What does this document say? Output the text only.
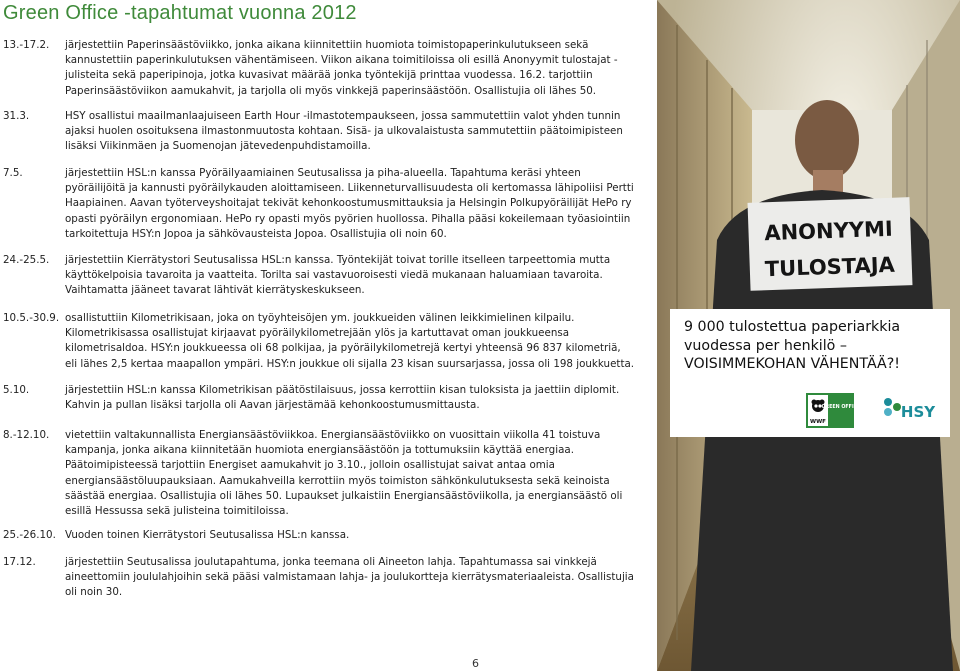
Green Office -tapahtumat vuonna 2012
13.-17.2.	järjestettiin Paperinsäästöviikko, jonka aikana kiinnitettiin huomiota toimistopaperinkulutukseen sekä kannustettiin paperinkulutuksen vähentämiseen. Viikon aikana toimitiloissa oli esillä Anonyymit tulostajat -julisteita sekä paperipinoja, jotka kuvasivat määrää jonka työntekijä printtaa vuodessa. 16.2. tarjottiin Paperinsäästöviikon aamukahvit, ja tarjolla oli myös vinkkejä paperinsäästöön. Osallistujia oli lähes 50.
31.3.	HSY osallistui maailmanlaajuiseen Earth Hour -ilmastotempaukseen, jossa sammutettiin valot yhden tunnin ajaksi huolen osoituksena ilmastonmuutosta kohtaan. Sisä- ja ulkovalaistusta sammutettiin päätoimipisteen lisäksi Viikinmäen ja Suomenojan jätevedenpuhdistamoilla.
7.5.	järjestettiin HSL:n kanssa Pyöräilyaamiainen Seutusalissa ja piha-alueella. Tapahtuma keräsi yhteen pyöräilijöitä ja kannusti pyöräilykauden aloittamiseen. Liikenneturvallisuudesta oli kertomassa lähipoliisi Pertti Haapiainen. Aavan työterveyshoitajat tekivät kehonkoostumusmittauksia ja Helsingin Polkupyöräilijät HePo ry opasti pyöräilyn ergonomiaan. HePo ry opasti myös pyörien huollossa. Pihalla pääsi kokeilemaan työasiointiin tarkoitettuja HSY:n Jopoa ja sähkövausteista Jopoa. Osallistujia oli noin 60.
24.-25.5.	järjestettiin Kierrätystori Seutusalissa HSL:n kanssa. Työntekijät toivat torille itselleen tarpeettomia mutta käyttökelpoisia tavaroita ja vaatteita. Torilta sai vastavuoroisesti viedä mukanaan haluamiaan tavaroita. Vaihtamatta jääneet tavarat lähtivät kierrätyskeskukseen.
10.5.-30.9. osallistuttiin Kilometrikisaan, joka on työyhteisöjen ym. joukkueiden välinen leikkimielinen kilpailu. Kilometrikisassa osallistujat kirjaavat pyöräilykilometrejään ylös ja kartuttavat oman joukkueensa kilometrisaldoa. HSY:n joukkueessa oli 68 polkijaa, ja pyöräilykilometrejä kertyi yhteensä 96 837 kilometriä, eli lähes 2,5 kertaa maapallon ympäri. HSY:n joukkue oli sijalla 23 kisan suursarjassa, jossa oli 198 joukkuetta.
5.10.	järjestettiin HSL:n kanssa Kilometrikisan päätöstilaisuus, jossa kerrottiin kisan tuloksista ja jaettiin diplomit. Kahvin ja pullan lisäksi tarjolla oli Aavan järjestämää kehonkoostumusmittausta.
8.-12.10.	vietettiin valtakunnallista Energiansäästöviikkoa. Energiansäästöviikko on vuosittain viikolla 41 toistuva kampanja, jonka aikana kiinnitetään huomiota energiansäästöön ja tottumuksiin käyttää energiaa. Päätoimipisteessä tarjottiin Energiset aamukahvit jo 3.10., jolloin osallistujat saivat antaa omia energiansäästöluupauksiaan. Aamukahveilla kerrottiin myös toimiston sähkönkulutuksesta sekä keinoista säästää energiaa. Osallistujia oli lähes 50. Lupaukset julkaistiin Energiansäästöviikolla, ja energiansäästö oli esillä Hessussa sekä julisteina toimitiloissa.
25.-26.10. Vuoden toinen Kierrätystori Seutusalissa HSL:n kanssa.
17.12.	järjestettiin Seutusalissa joulutapahtuma, jonka teemana oli Aineeton lahja. Tapahtumassa sai vinkkejä aineettomiin joululahjoihin sekä pääsi valmistamaan lahja- ja joulukortteja kierrätysmateriaaleista. Osallistujia oli noin 30.
ANONYYMI
TULOSTAJA
9 000 tulostettua paperiarkkia
vuodessa per henkilö –
VOISIMMEKOHAN VÄHENTÄÄ?!
WWF
GREEN OFFICE	HSY
6
